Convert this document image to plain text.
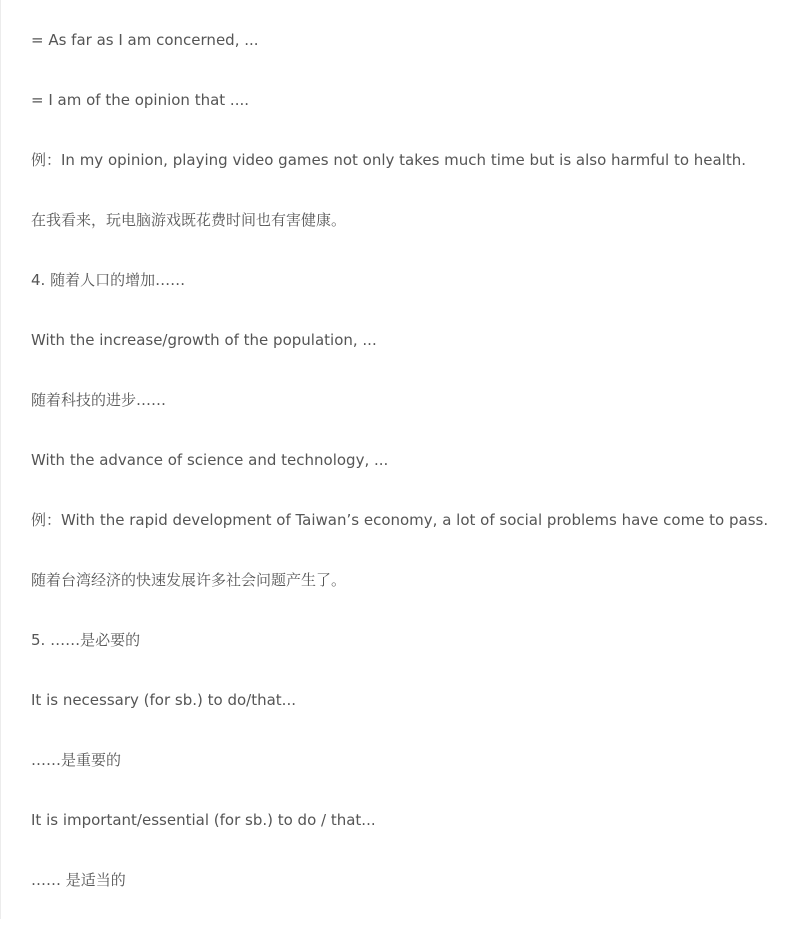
= As far as I am concerned, ...

= I am of the opinion that ....

例：In my opinion, playing video games not only takes much time but is also harmful to health.

在我看来，玩电脑游戏既花费时间也有害健康。

4. 随着人口的增加……

With the increase/growth of the population, ...

随着科技的进步……

With the advance of science and technology, ...

例：With the rapid development of Taiwan’s economy, a lot of social problems have come to pass.

随着台湾经济的快速发展许多社会问题产生了。

5. ……是必要的

It is necessary (for sb.) to do/that...

……是重要的

It is important/essential (for sb.) to do / that...

…… 是适当的
